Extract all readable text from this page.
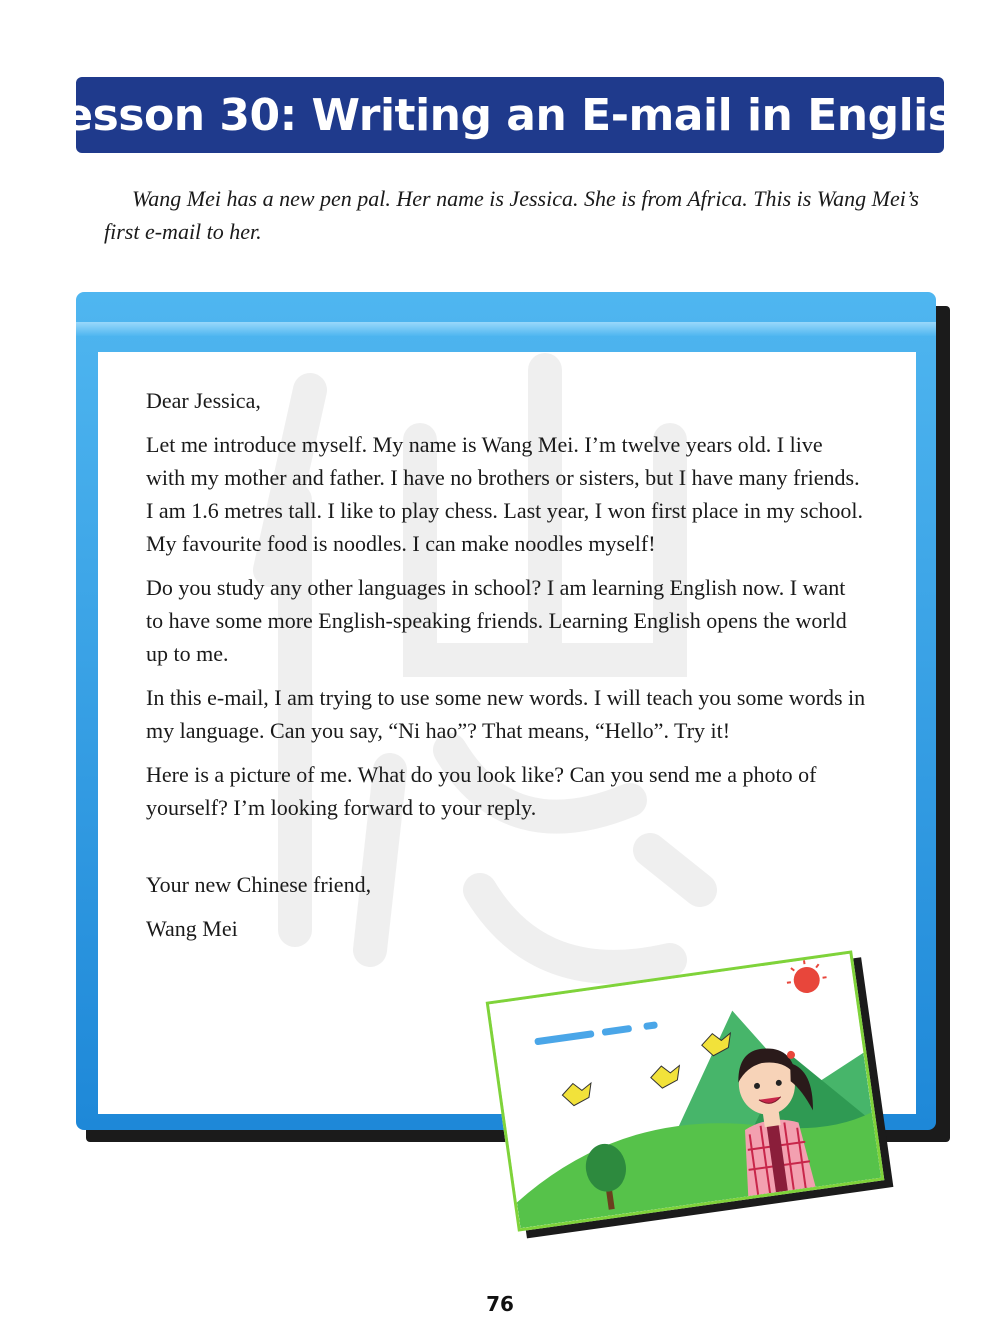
Lesson 30: Writing an E-mail in English
Wang Mei has a new pen pal. Her name is Jessica. She is from Africa. This is Wang Mei’s first e-mail to her.

Dear Jessica,

Let me introduce myself. My name is Wang Mei. I’m twelve years old. I live with my mother and father. I have no brothers or sisters, but I have many friends. I am 1.6 metres tall. I like to play chess. Last year, I won first place in my school. My favourite food is noodles. I can make noodles myself!

Do you study any other languages in school? I am learning English now. I want to have some more English-speaking friends. Learning English opens the world up to me.

In this e-mail, I am trying to use some new words. I will teach you some words in my language. Can you say, “Ni hao”? That means, “Hello”. Try it!

Here is a picture of me. What do you look like? Can you send me a photo of yourself? I’m looking forward to your reply.

Your new Chinese friend,

Wang Mei

76
